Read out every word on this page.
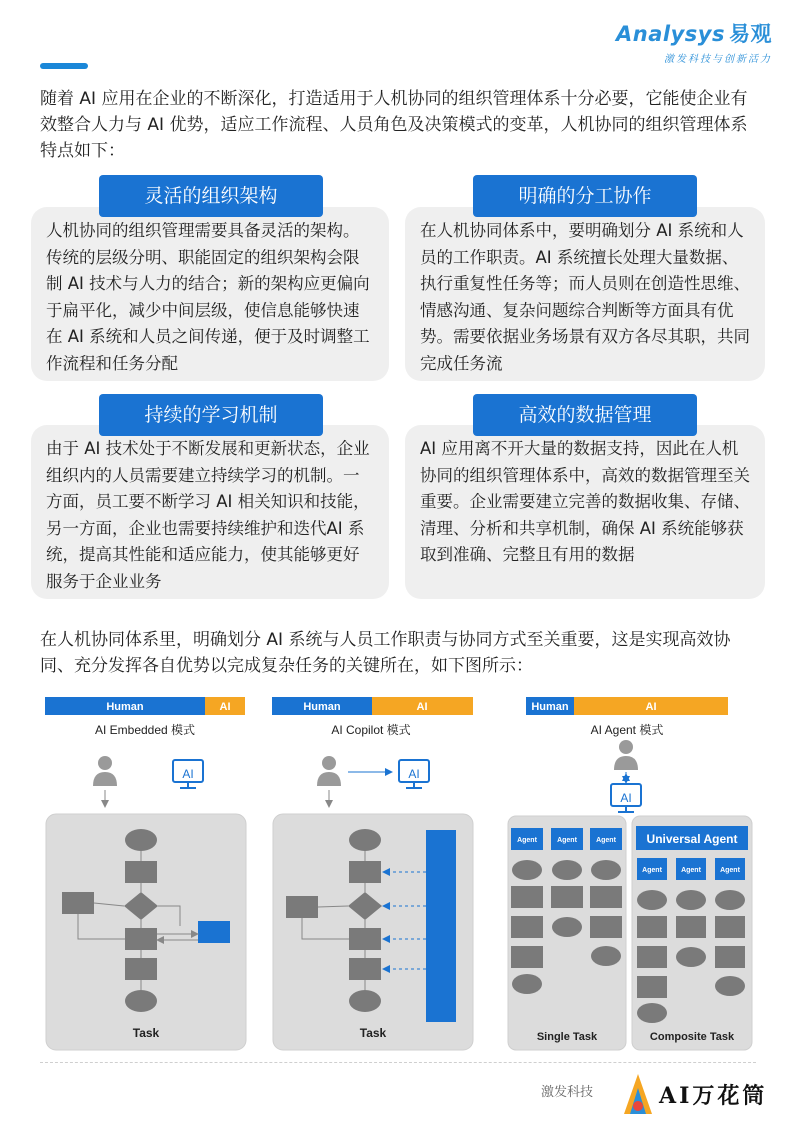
Analysys 易观
激发科技与创新活力

随着 AI 应用在企业的不断深化，打造适用于人机协同的组织管理体系十分必要，它能使企业有效整合人力与 AI 优势，适应工作流程、人员角色及决策模式的变革，人机协同的组织管理体系特点如下：

灵活的组织架构

人机协同的组织管理需要具备灵活的架构。传统的层级分明、职能固定的组织架构会限制 AI 技术与人力的结合；新的架构应更偏向于扁平化，减少中间层级，使信息能够快速在 AI 系统和人员之间传递，便于及时调整工作流程和任务分配

明确的分工协作

在人机协同体系中，要明确划分 AI 系统和人员的工作职责。AI 系统擅长处理大量数据、执行重复性任务等；而人员则在创造性思维、情感沟通、复杂问题综合判断等方面具有优势。需要依据业务场景有双方各尽其职，共同完成任务流

持续的学习机制

由于 AI 技术处于不断发展和更新状态，企业组织内的人员需要建立持续学习的机制。一方面，员工要不断学习 AI 相关知识和技能，另一方面，企业也需要持续维护和迭代AI 系统，提高其性能和适应能力，使其能够更好服务于企业业务

高效的数据管理

AI 应用离不开大量的数据支持，因此在人机协同的组织管理体系中，高效的数据管理至关重要。企业需要建立完善的数据收集、存储、清理、分析和共享机制，确保 AI 系统能够获取到准确、完整且有用的数据

在人机协同体系里，明确划分 AI 系统与人员工作职责与协同方式至关重要，这是实现高效协同、充分发挥各自优势以完成复杂任务的关键所在，如下图所示：

Human	AI
AI Embedded 模式
AI
Task
Human	AI
AI Copilot 模式
AI
Task
Human	AI
AI Agent 模式
AI
Agent	Agent	Agent
Single Task
Universal Agent
Agent	Agent	Agent
Composite Task
激发科技	AI万花筒
